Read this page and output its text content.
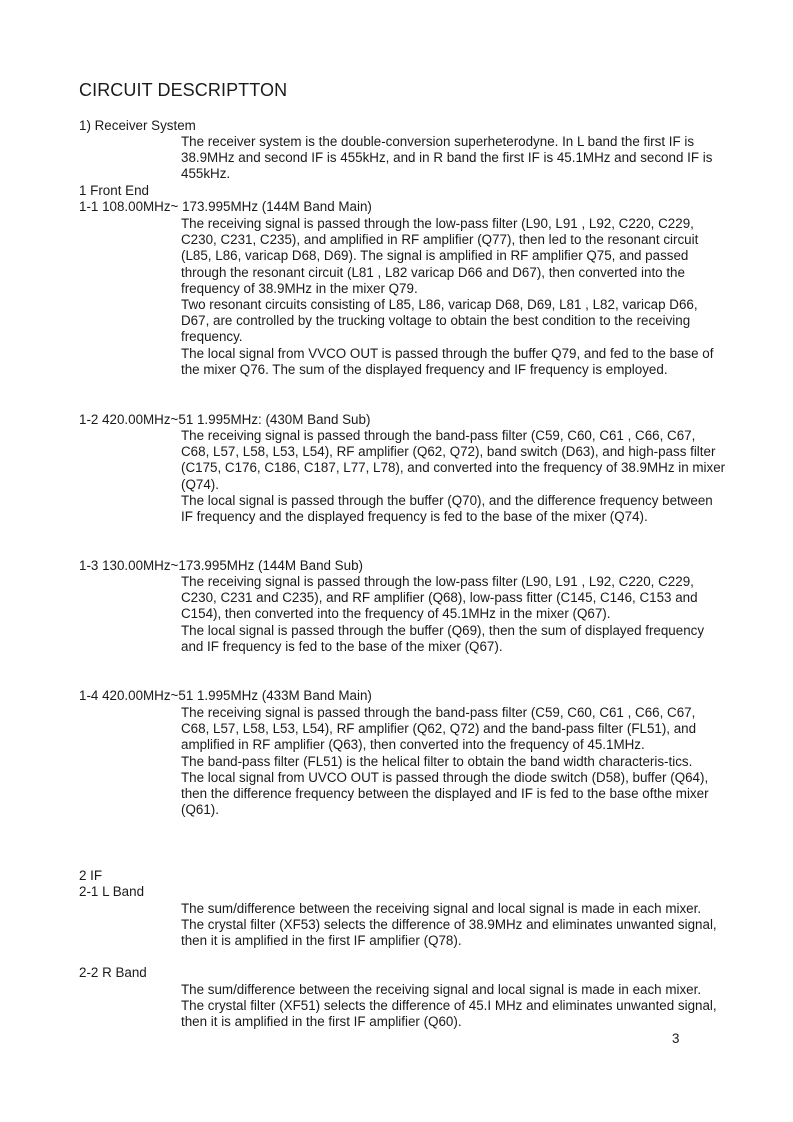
CIRCUIT DESCRIPTTON
1) Receiver System

The receiver system is the double-conversion superheterodyne. In L band the first IF is 38.9MHz and second IF is 455kHz, and in R band the first IF is 45.1MHz and second IF is 455kHz.

1 Front End
1-1 108.00MHz~ 173.995MHz (144M Band Main)

The receiving signal is passed through the low-pass filter (L90, L91 , L92, C220, C229, C230, C231, C235), and amplified in RF amplifier (Q77), then led to the resonant circuit (L85, L86, varicap D68, D69). The signal is amplified in RF amplifier Q75, and passed through the resonant circuit (L81 , L82 varicap D66 and D67), then converted into the frequency of 38.9MHz in the mixer Q79.

Two resonant circuits consisting of L85, L86, varicap D68, D69, L81 , L82, varicap D66, D67, are controlled by the trucking voltage to obtain the best condition to the receiving frequency.

The local signal from VVCO OUT is passed through the buffer Q79, and fed to the base of the mixer Q76. The sum of the displayed frequency and IF frequency is employed.

1-2 420.00MHz~51 1.995MHz: (430M Band Sub)

The receiving signal is passed through the band-pass filter (C59, C60, C61 , C66, C67, C68, L57, L58, L53, L54), RF amplifier (Q62, Q72), band switch (D63), and high-pass filter (C175, C176, C186, C187, L77, L78), and converted into the frequency of 38.9MHz in mixer (Q74).

The local signal is passed through the buffer (Q70), and the difference frequency between IF frequency and the displayed frequency is fed to the base of the mixer (Q74).

1-3 130.00MHz~173.995MHz (144M Band Sub)

The receiving signal is passed through the low-pass filter (L90, L91 , L92, C220, C229, C230, C231 and C235), and RF amplifier (Q68), low-pass fitter (C145, C146, C153 and C154), then converted into the frequency of 45.1MHz in the mixer (Q67).

The local signal is passed through the buffer (Q69), then the sum of displayed frequency and IF frequency is fed to the base of the mixer (Q67).

1-4 420.00MHz~51 1.995MHz (433M Band Main)

The receiving signal is passed through the band-pass filter (C59, C60, C61 , C66, C67, C68, L57, L58, L53, L54), RF amplifier (Q62, Q72) and the band-pass filter (FL51), and amplified in RF amplifier (Q63), then converted into the frequency of 45.1MHz.

The band-pass filter (FL51) is the helical filter to obtain the band width characteris-tics.

The local signal from UVCO OUT is passed through the diode switch (D58), buffer (Q64), then the difference frequency between the displayed and IF is fed to the base ofthe mixer (Q61).

2 IF
2-1 L Band

The sum/difference between the receiving signal and local signal is made in each mixer. The crystal filter (XF53) selects the difference of 38.9MHz and eliminates unwanted signal, then it is amplified in the first IF amplifier (Q78).

2-2 R Band

The sum/difference between the receiving signal and local signal is made in each mixer. The crystal filter (XF51) selects the difference of 45.I MHz and eliminates unwanted signal, then it is amplified in the first IF amplifier (Q60).

3
